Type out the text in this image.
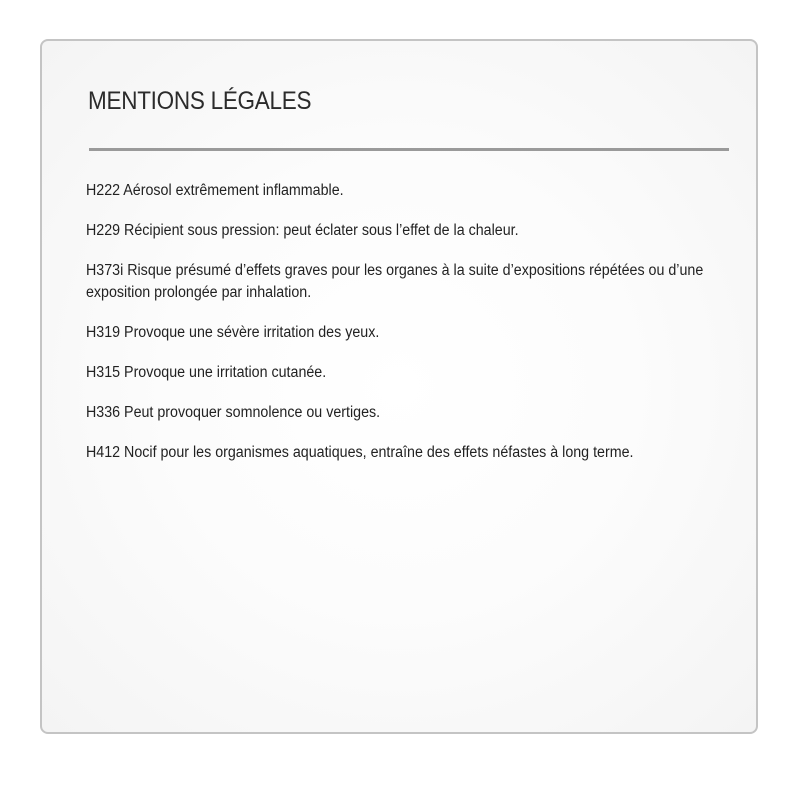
MENTIONS LÉGALES
H222 Aérosol extrêmement inflammable.
H229 Récipient sous pression: peut éclater sous l’effet de la chaleur.
H373i Risque présumé d’effets graves pour les organes à la suite d’expositions répétées ou d’une exposition prolongée par inhalation.
H319 Provoque une sévère irritation des yeux.
H315 Provoque une irritation cutanée.
H336 Peut provoquer somnolence ou vertiges.
H412 Nocif pour les organismes aquatiques, entraîne des effets néfastes à long terme.
